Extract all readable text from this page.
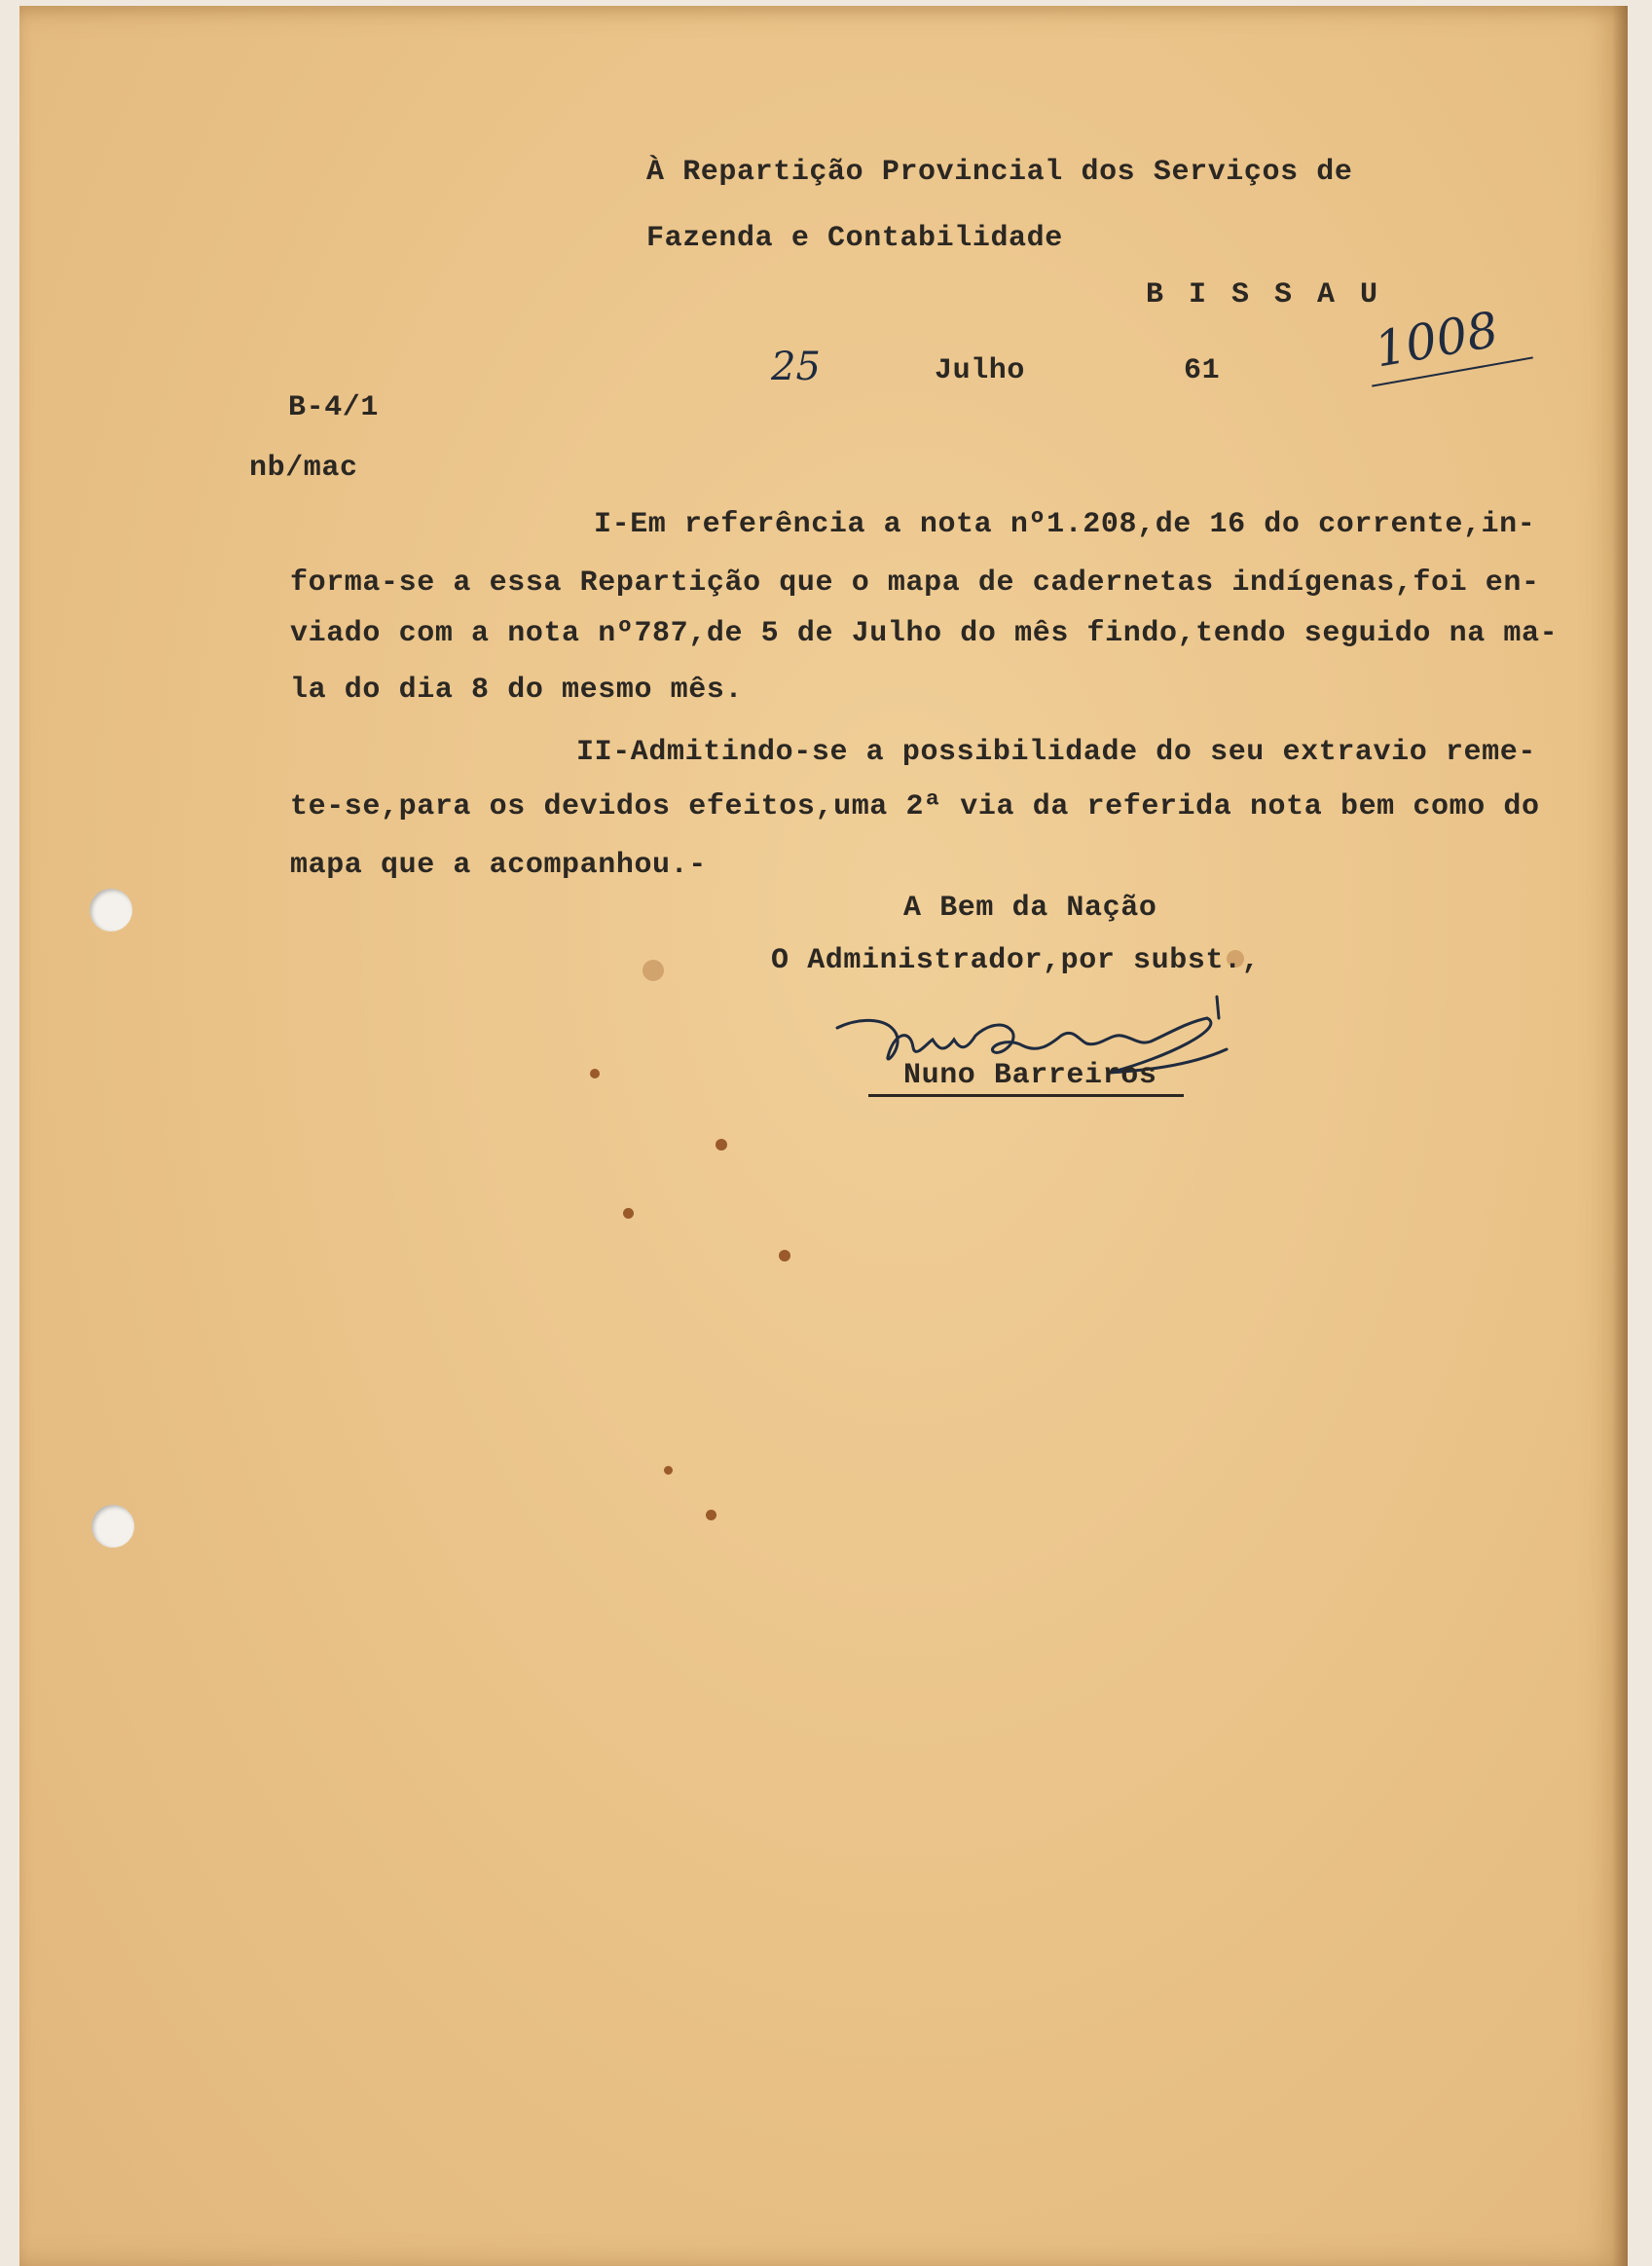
À Repartição Provincial dos Serviços de

Fazenda e Contabilidade

B I S S A U

25	Julho	61	1008

B-4/1

nb/mac

I-Em referência a nota nº1.208,de 16 do corrente,in-

forma-se a essa Repartição que o mapa de cadernetas indígenas,foi en-

viado com a nota nº787,de 5 de Julho do mês findo,tendo seguido na ma-

la do dia 8 do mesmo mês.

II-Admitindo-se a possibilidade do seu extravio reme-

te-se,para os devidos efeitos,uma 2ª via da referida nota bem como do

mapa que a acompanhou.-

A Bem da Nação

O Administrador,por subst.,

Nuno Barreiros
